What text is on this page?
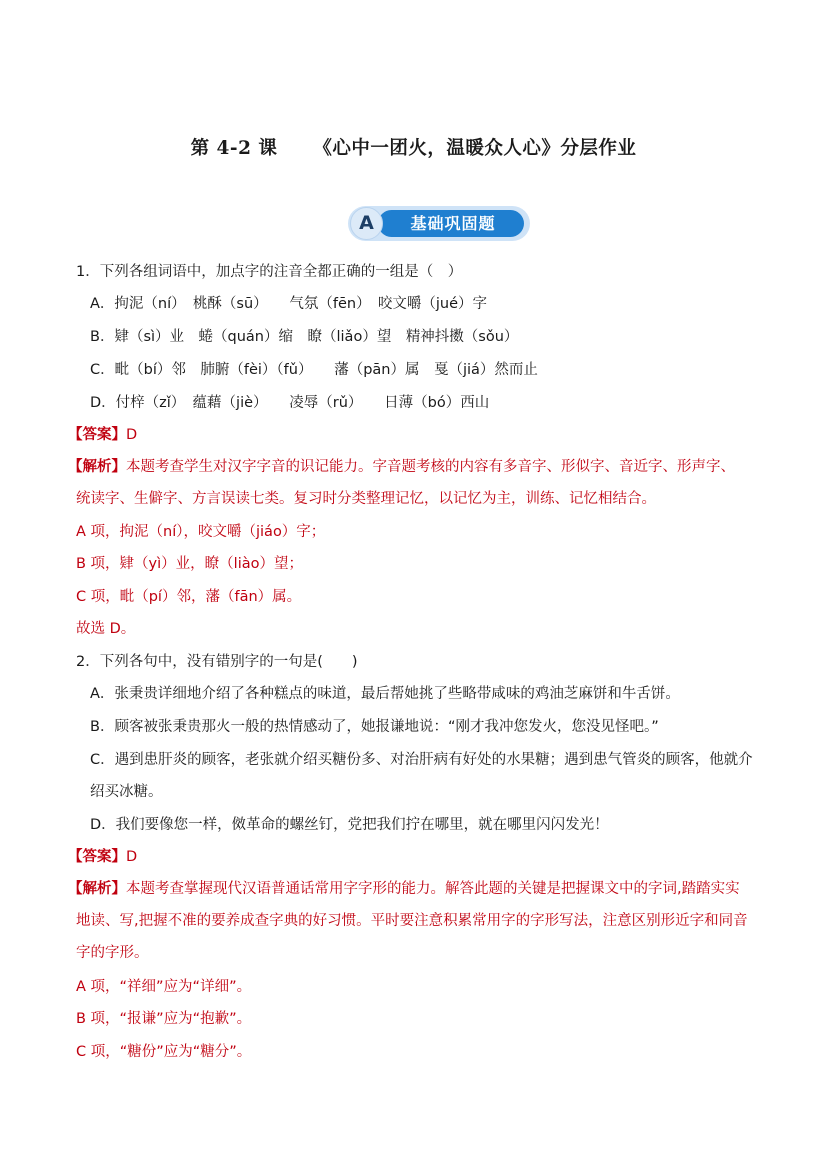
第 4-2 课 《心中一团火，温暖众人心》分层作业
A	基础巩固题
1．下列各组词语中，加点字的注音全都正确的一组是（　）
A．拘泥（ní）　桃酥（sū）　　气氛（fēn）　咬文嚼（jué）字
B．肄（sì）业　蜷（quán）缩　瞭（liǎo）望　精神抖擞（sǒu）
C．毗（bí）邻　肺腑（fèi）（fǔ）　　藩（pān）属　戛（jiá）然而止
D．付梓（zǐ）　蕴藉（jiè）　　凌辱（rǔ）　　日薄（bó）西山
【答案】D
【解析】本题考查学生对汉字字音的识记能力。字音题考核的内容有多音字、形似字、音近字、形声字、
统读字、生僻字、方言误读七类。复习时分类整理记忆，以记忆为主，训练、记忆相结合。
A 项，拘泥（ní），咬文嚼（jiáo）字；
B 项，肄（yì）业，瞭（liào）望；
C 项，毗（pí）邻，藩（fān）属。
故选 D。
2．下列各句中，没有错别字的一句是(　　)
A．张秉贵详细地介绍了各种糕点的味道，最后帮她挑了些略带咸味的鸡油芝麻饼和牛舌饼。
B．顾客被张秉贵那火一般的热情感动了，她报谦地说：“刚才我冲您发火，您没见怪吧。”
C．遇到患肝炎的顾客，老张就介绍买糖份多、对治肝病有好处的水果糖；遇到患气管炎的顾客，他就介
绍买冰糖。
D．我们要像您一样，傚革命的螺丝钉，党把我们拧在哪里，就在哪里闪闪发光！
【答案】D
【解析】本题考查掌握现代汉语普通话常用字字形的能力。解答此题的关键是把握课文中的字词,踏踏实实
地读、写,把握不准的要养成查字典的好习惯。平时要注意积累常用字的字形写法，注意区别形近字和同音
字的字形。
A 项，“祥细”应为“详细”。
B 项，“报谦”应为“抱歉”。
C 项，“糖份”应为“糖分”。
